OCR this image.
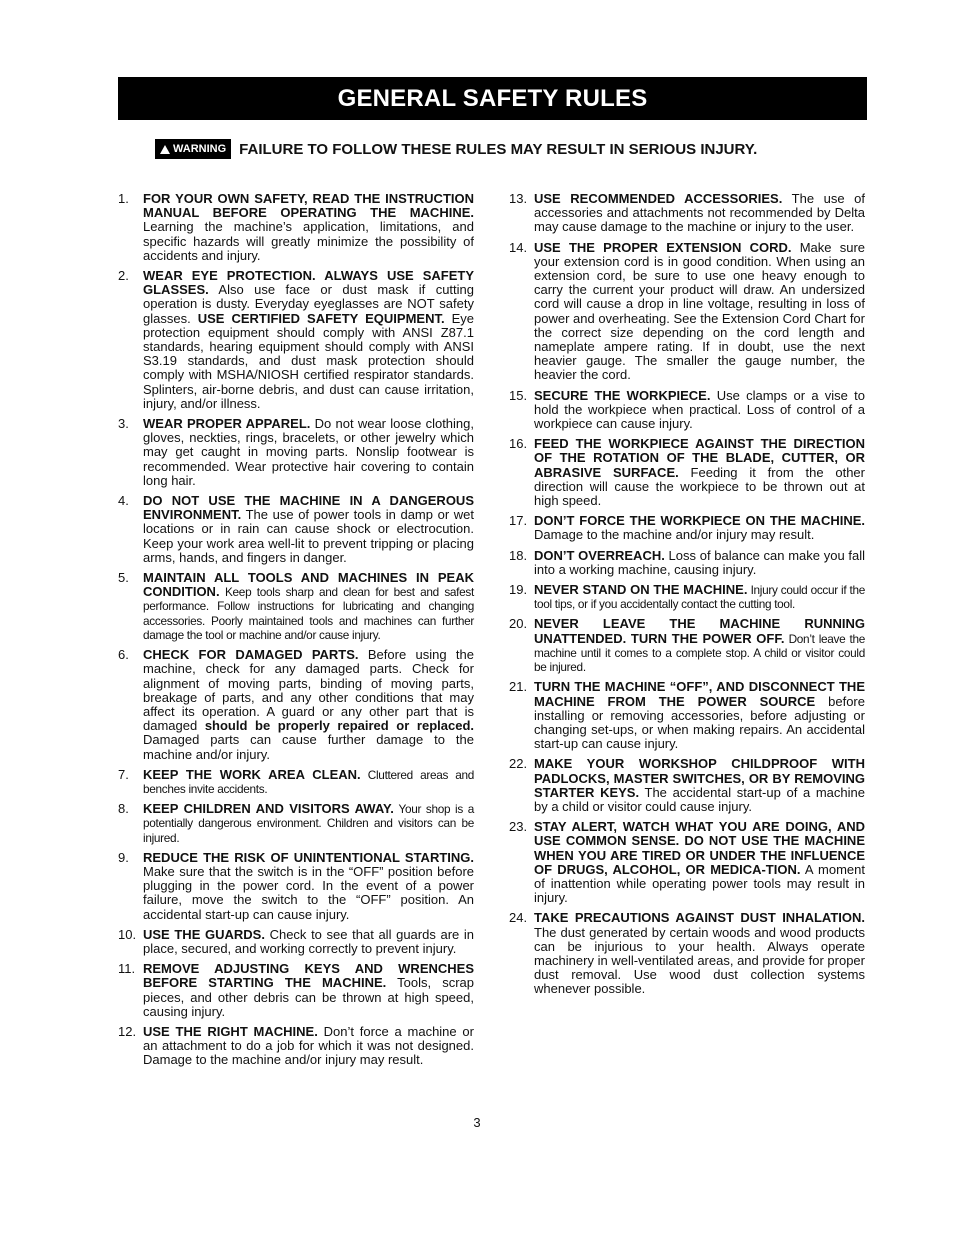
GENERAL SAFETY RULES
WARNING FAILURE TO FOLLOW THESE RULES MAY RESULT IN SERIOUS INJURY.
1.	FOR YOUR OWN SAFETY, READ THE INSTRUCTION MANUAL BEFORE OPERATING THE MACHINE. Learning the machine’s application, limitations, and specific hazards will greatly minimize the possibility of accidents and injury.
2.	WEAR EYE PROTECTION. ALWAYS USE SAFETY GLASSES. Also use face or dust mask if cutting operation is dusty. Everyday eyeglasses are NOT safety glasses. USE CERTIFIED SAFETY EQUIPMENT. Eye protection equipment should comply with ANSI Z87.1 standards, hearing equipment should comply with ANSI S3.19 standards, and dust mask protection should comply with MSHA/NIOSH certified respirator standards. Splinters, air-borne debris, and dust can cause irritation, injury, and/or illness.
3.	WEAR PROPER APPAREL. Do not wear loose clothing, gloves, neckties, rings, bracelets, or other jewelry which may get caught in moving parts. Nonslip footwear is recommended. Wear protective hair covering to contain long hair.
4.	DO NOT USE THE MACHINE IN A DANGEROUS ENVIRONMENT. The use of power tools in damp or wet locations or in rain can cause shock or electrocution. Keep your work area well-lit to prevent tripping or placing arms, hands, and fingers in danger.
5.	MAINTAIN ALL TOOLS AND MACHINES IN PEAK CONDITION. Keep tools sharp and clean for best and safest performance. Follow instructions for lubricating and changing accessories. Poorly maintained tools and machines can further damage the tool or machine and/or cause injury.
6.	CHECK FOR DAMAGED PARTS. Before using the machine, check for any damaged parts. Check for alignment of moving parts, binding of moving parts, breakage of parts, and any other conditions that may affect its operation. A guard or any other part that is damaged should be properly repaired or replaced. Damaged parts can cause further damage to the machine and/or injury.
7.	KEEP THE WORK AREA CLEAN. Cluttered areas and benches invite accidents.
8.	KEEP CHILDREN AND VISITORS AWAY. Your shop is a potentially dangerous environment. Children and visitors can be injured.
9.	REDUCE THE RISK OF UNINTENTIONAL STARTING. Make sure that the switch is in the “OFF” position before plugging in the power cord. In the event of a power failure, move the switch to the “OFF” position. An accidental start-up can cause injury.
10. USE THE GUARDS. Check to see that all guards are in place, secured, and working correctly to prevent injury.
11. REMOVE ADJUSTING KEYS AND WRENCHES BEFORE STARTING THE MACHINE. Tools, scrap pieces, and other debris can be thrown at high speed, causing injury.
12. USE THE RIGHT MACHINE. Don’t force a machine or an attachment to do a job for which it was not designed. Damage to the machine and/or injury may result.
13. USE RECOMMENDED ACCESSORIES. The use of accessories and attachments not recommended by Delta may cause damage to the machine or injury to the user.
14. USE THE PROPER EXTENSION CORD. Make sure your extension cord is in good condition. When using an extension cord, be sure to use one heavy enough to carry the current your product will draw. An undersized cord will cause a drop in line voltage, resulting in loss of power and overheating. See the Extension Cord Chart for the correct size depending on the cord length and nameplate ampere rating. If in doubt, use the next heavier gauge. The smaller the gauge number, the heavier the cord.
15. SECURE THE WORKPIECE. Use clamps or a vise to hold the workpiece when practical. Loss of control of a workpiece can cause injury.
16. FEED THE WORKPIECE AGAINST THE DIRECTION OF THE ROTATION OF THE BLADE, CUTTER, OR ABRASIVE SURFACE. Feeding it from the other direction will cause the workpiece to be thrown out at high speed.
17. DON’T FORCE THE WORKPIECE ON THE MACHINE. Damage to the machine and/or injury may result.
18. DON’T OVERREACH. Loss of balance can make you fall into a working machine, causing injury.
19. NEVER STAND ON THE MACHINE. Injury could occur if the tool tips, or if you accidentally contact the cutting tool.
20. NEVER LEAVE THE MACHINE RUNNING UNATTENDED. TURN THE POWER OFF. Don’t leave the machine until it comes to a complete stop. A child or visitor could be injured.
21. TURN THE MACHINE “OFF”, AND DISCONNECT THE MACHINE FROM THE POWER SOURCE before installing or removing accessories, before adjusting or changing set-ups, or when making repairs. An accidental start-up can cause injury.
22. MAKE YOUR WORKSHOP CHILDPROOF WITH PADLOCKS, MASTER SWITCHES, OR BY REMOVING STARTER KEYS. The accidental start-up of a machine by a child or visitor could cause injury.
23. STAY ALERT, WATCH WHAT YOU ARE DOING, AND USE COMMON SENSE. DO NOT USE THE MACHINE WHEN YOU ARE TIRED OR UNDER THE INFLUENCE OF DRUGS, ALCOHOL, OR MEDICA-TION. A moment of inattention while operating power tools may result in injury.
24. TAKE PRECAUTIONS AGAINST DUST INHALATION. The dust generated by certain woods and wood products can be injurious to your health. Always operate machinery in well-ventilated areas, and provide for proper dust removal. Use wood dust collection systems whenever possible.
3
